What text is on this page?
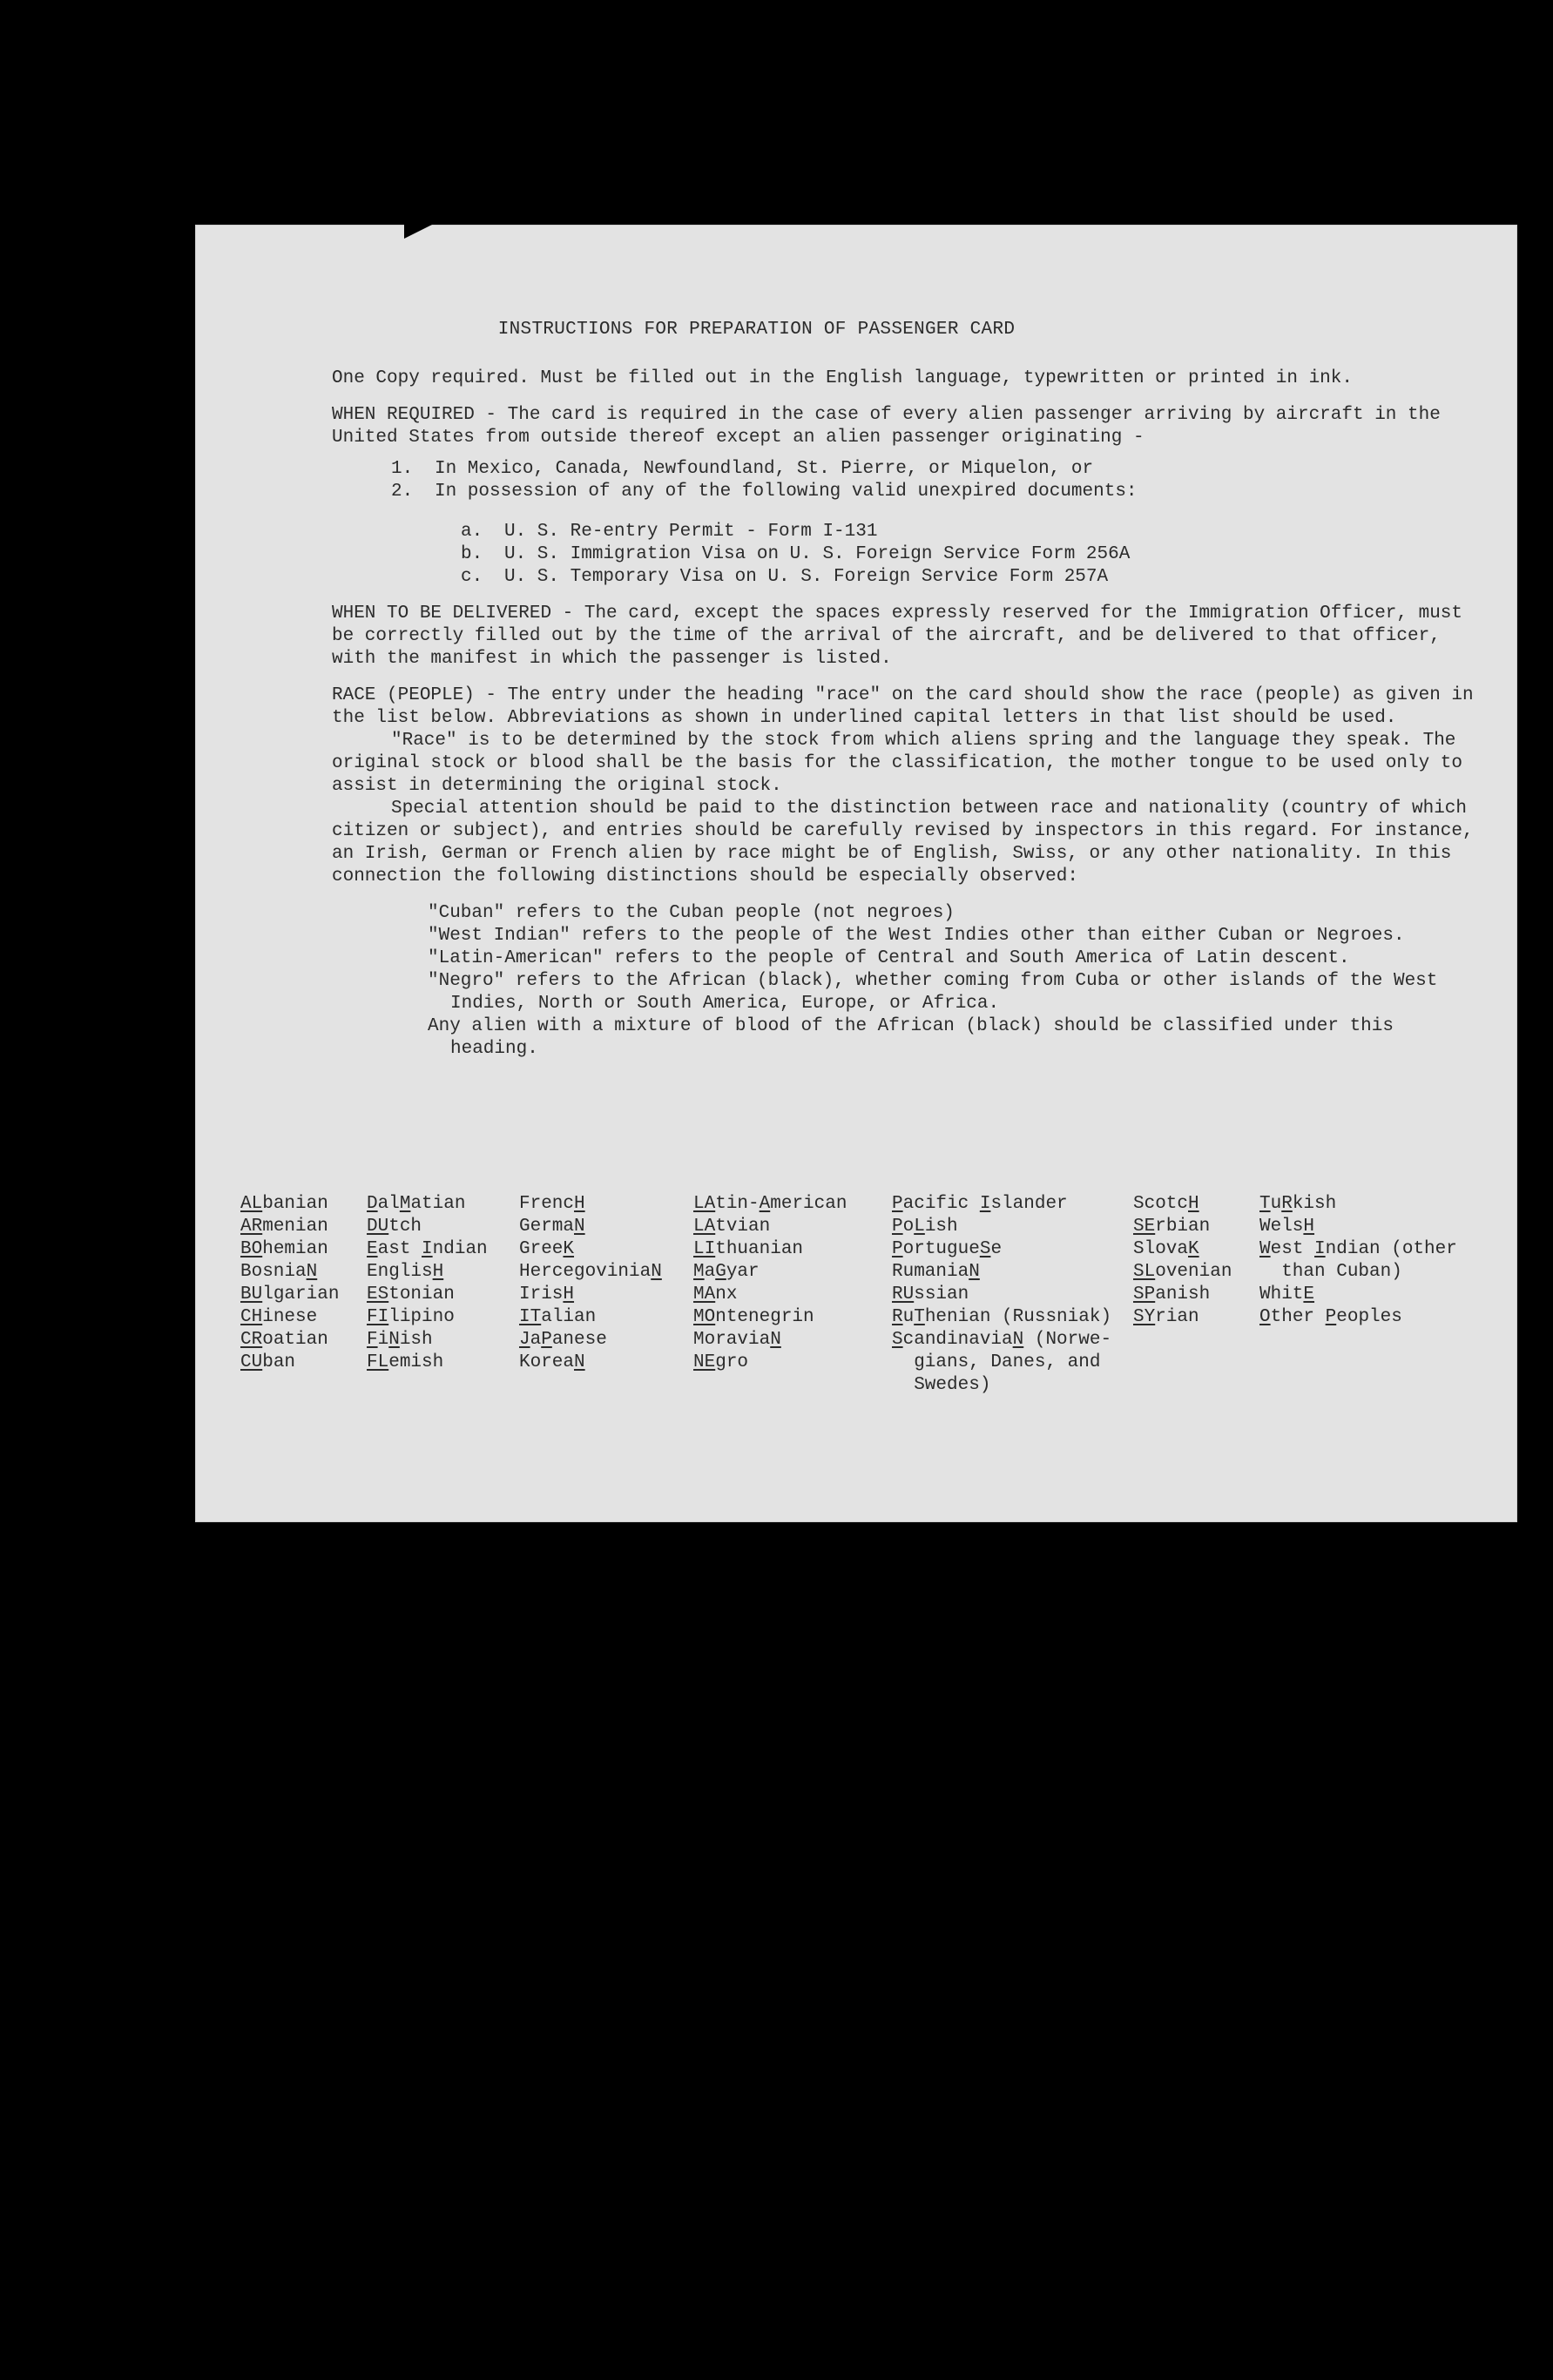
INSTRUCTIONS FOR PREPARATION OF PASSENGER CARD

One Copy required. Must be filled out in the English language, typewritten or printed in ink.

WHEN REQUIRED - The card is required in the case of every alien passenger arriving by aircraft in the United States from outside thereof except an alien passenger originating -

1. In Mexico, Canada, Newfoundland, St. Pierre, or Miquelon, or
2. In possession of any of the following valid unexpired documents:
a. U. S. Re-entry Permit - Form I-131
b. U. S. Immigration Visa on U. S. Foreign Service Form 256A
c. U. S. Temporary Visa on U. S. Foreign Service Form 257A

WHEN TO BE DELIVERED - The card, except the spaces expressly reserved for the Immigration Officer, must be correctly filled out by the time of the arrival of the aircraft, and be delivered to that officer, with the manifest in which the passenger is listed.

RACE (PEOPLE) - The entry under the heading "race" on the card should show the race (people) as given in the list below. Abbreviations as shown in underlined capital letters in that list should be used.

"Race" is to be determined by the stock from which aliens spring and the language they speak. The original stock or blood shall be the basis for the classification, the mother tongue to be used only to assist in determining the original stock.

Special attention should be paid to the distinction between race and nationality (country of which citizen or subject), and entries should be carefully revised by inspectors in this regard. For instance, an Irish, German or French alien by race might be of English, Swiss, or any other nationality. In this connection the following distinctions should be especially observed:

"Cuban" refers to the Cuban people (not negroes)
"West Indian" refers to the people of the West Indies other than either Cuban or Negroes.
"Latin-American" refers to the people of Central and South America of Latin descent.
"Negro" refers to the African (black), whether coming from Cuba or other islands of the West Indies, North or South America, Europe, or Africa.
Any alien with a mixture of blood of the African (black) should be classified under this heading.
ALbanian
ARmenian
BOhemian
BosniaN
BUlgarian
CHinese
CRoatian
CUban
DalMatian
DUtch
East Indian
EnglisH
EStonian
FIlipino
FiNish
FLemish
FrencH
GermaN
GreeK
HercegoviniaN
IrisH
ITalian
JaPanese
KoreaN
LAtin-American
LAtvian
LIthuanian
MaGyar
MAnx
MOntenegrin
MoraviaN
NEgro
Pacific Islander
PoLish
PortugueSe
RumaniaN
RUssian
RuThenian (Russniak)
ScandinaviaN (Norwe-
gians, Danes, and
Swedes)
ScotcH
SErbian
SlovaK
SLovenian
SPanish
SYrian
TuRkish
WelsH
West Indian (other
than Cuban)
WhitE
Other Peoples
